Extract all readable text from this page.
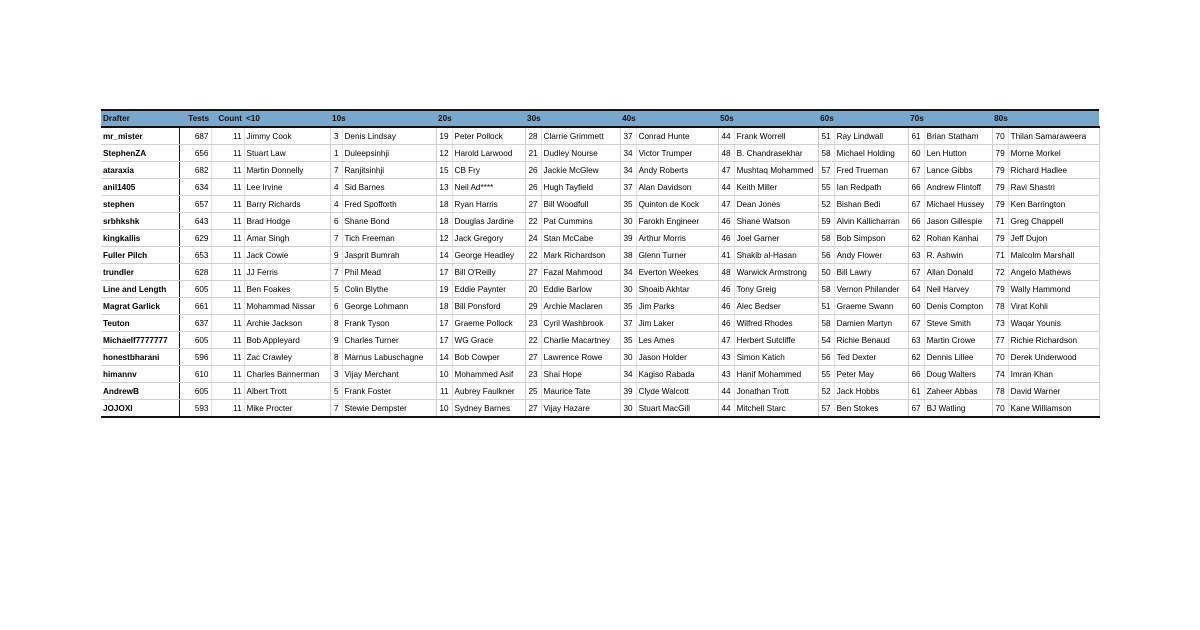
Drafter	Tests	Count	<10	10s		20s		30s		40s		50s		60s		70s		80s	
mr_mister	687	11		Jimmy Cook	3	Denis Lindsay	19	Peter Pollock	28	Clarrie Grimmett	37	Conrad Hunte	44	Frank Worrell	51	Ray Lindwall	61	Brian Statham	70	Thilan Samaraweera
StephenZA	656	11		Stuart Law	1	Duleepsinhji	12	Harold Larwood	21	Dudley Nourse	34	Victor Trumper	48	B. Chandrasekhar	58	Michael Holding	60	Len Hutton	79	Morne Morkel
ataraxia	682	11		Martin Donnelly	7	Ranjitsinhji	15	CB Fry	26	Jackie McGlew	34	Andy Roberts	47	Mushtaq Mohammed	57	Fred Trueman	67	Lance Gibbs	79	Richard Hadlee
anil1405	634	11		Lee Irvine	4	Sid Barnes	13	Neil Ad****	26	Hugh Tayfield	37	Alan Davidson	44	Keith Miller	55	Ian Redpath	66	Andrew Flintoff	79	Ravi Shastri
stephen	657	11		Barry Richards	4	Fred Spofforth	18	Ryan Harris	27	Bill Woodfull	35	Quinton de Kock	47	Dean Jones	52	Bishan Bedi	67	Michael Hussey	79	Ken Barrington
srbhkshk	643	11		Brad Hodge	6	Shane Bond	18	Douglas Jardine	22	Pat Cummins	30	Farokh Engineer	46	Shane Watson	59	Alvin Kallicharran	66	Jason Gillespie	71	Greg Chappell
kingkallis	629	11		Amar Singh	7	Tich Freeman	12	Jack Gregory	24	Stan McCabe	39	Arthur Morris	46	Joel Garner	58	Bob Simpson	62	Rohan Kanhai	79	Jeff Dujon
Fuller Pilch	653	11		Jack Cowie	9	Jasprit Bumrah	14	George Headley	22	Mark Richardson	38	Glenn Turner	41	Shakib al-Hasan	56	Andy Flower	63	R. Ashwin	71	Malcolm Marshall
trundler	628	11		JJ Ferris	7	Phil Mead	17	Bill O'Reilly	27	Fazal Mahmood	34	Everton Weekes	48	Warwick Armstrong	50	Bill Lawry	67	Allan Donald	72	Angelo Mathews
Line and Length	605	11		Ben Foakes	5	Colin Blythe	19	Eddie Paynter	20	Eddie Barlow	30	Shoaib Akhtar	46	Tony Greig	58	Vernon Philander	64	Neil Harvey	79	Wally Hammond
Magrat Garlick	661	11		Mohammad Nissar	6	George Lohmann	18	Bill Ponsford	29	Archie Maclaren	35	Jim Parks	46	Alec Bedser	51	Graeme Swann	60	Denis Compton	78	Virat Kohli
Teuton	637	11		Archie Jackson	8	Frank Tyson	17	Graeme Pollock	23	Cyril Washbrook	37	Jim Laker	46	Wilfred Rhodes	58	Damien Martyn	67	Steve Smith	73	Waqar Younis
Michaelf7777777	605	11		Bob Appleyard	9	Charles Turner	17	WG Grace	22	Charlie Macartney	35	Les Ames	47	Herbert Sutcliffe	54	Richie Benaud	63	Martin Crowe	77	Richie Richardson
honestbharani	596	11		Zac Crawley	8	Marnus Labuschagne	14	Bob Cowper	27	Lawrence Rowe	30	Jason Holder	43	Simon Katich	56	Ted Dexter	62	Dennis Lillee	70	Derek Underwood
himannv	610	11		Charles Bannerman	3	Vijay Merchant	10	Mohammed Asif	23	Shai Hope	34	Kagiso Rabada	43	Hanif Mohammed	55	Peter May	66	Doug Walters	74	Imran Khan
AndrewB	605	11		Albert Trott	5	Frank Foster	11	Aubrey Faulkner	25	Maurice Tate	39	Clyde Walcott	44	Jonathan Trott	52	Jack Hobbs	61	Zaheer Abbas	78	David Warner
JOJOXI	593	11		Mike Procter	7	Stewie Dempster	10	Sydney Barnes	27	Vijay Hazare	30	Stuart MacGill	44	Mitchell Starc	57	Ben Stokes	67	BJ Watling	70	Kane Williamson
